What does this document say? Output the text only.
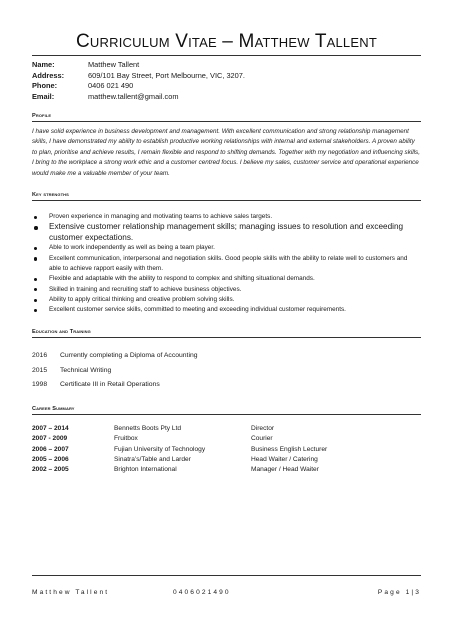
Curriculum Vitae – Matthew Tallent
Name:	Matthew Tallent
Address:	609/101 Bay Street, Port Melbourne, VIC, 3207.
Phone:	0406 021 490
Email:	matthew.tallent@gmail.com
Profile
I have solid experience in business development and management. With excellent communication and strong relationship management skills, I have demonstrated my ability to establish productive working relationships with internal and external stakeholders. A proven ability to plan, prioritise and achieve results, I remain flexible and respond to shifting demands. Together with my negotiation and influencing skills, I bring to the workplace a strong work ethic and a customer centred focus. I believe my sales, customer service and operational experience would make me a valuable member of your team.
Key strengths
Proven experience in managing and motivating teams to achieve sales targets.
Extensive customer relationship management skills; managing issues to resolution and exceeding customer expectations.
Able to work independently as well as being a team player.
Excellent communication, interpersonal and negotiation skills. Good people skills with the ability to relate well to customers and able to achieve rapport easily with them.
Flexible and adaptable with the ability to respond to complex and shifting situational demands.
Skilled in training and recruiting staff to achieve business objectives.
Ability to apply critical thinking and creative problem solving skills.
Excellent customer service skills, committed to meeting and exceeding individual customer requirements.
Education and Training
2016	Currently completing a Diploma of Accounting
2015	Technical Writing
1998	Certificate III in Retail Operations
Career Summary
2007 – 2014	Bennetts Boots Pty Ltd	Director
2007 - 2009	Fruitbox	Courier
2006 – 2007	Fujian University of Technology	Business English Lecturer
2005 – 2006	Sinatra’s/Table and Larder	Head Waiter / Catering
2002 – 2005	Brighton International	Manager / Head Waiter
Matthew Tallent	0406021490	Page 1|3
